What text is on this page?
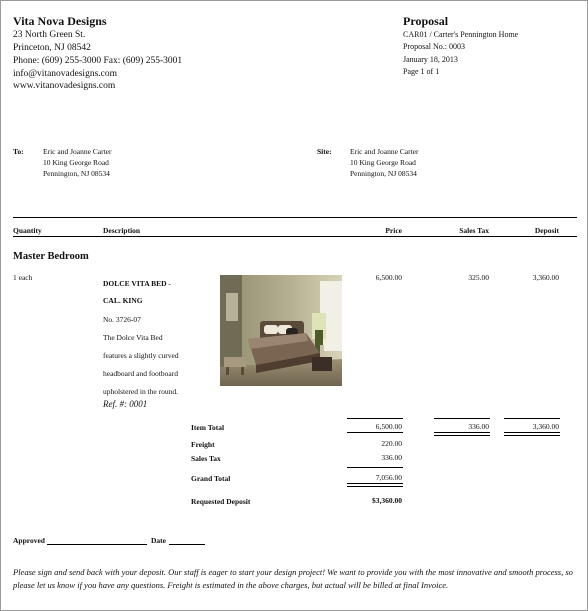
Vita Nova Designs
23 North Green St.
Princeton, NJ 08542
Phone: (609) 255-3000 Fax: (609) 255-3001
info@vitanovadesigns.com
www.vitanovadesigns.com
Proposal
CAR01 / Carter's Pennington Home
Proposal No.: 0003
January 18, 2013
Page 1 of 1
To:	Eric and Joanne Carter
10 King George Road
Pennington, NJ 08534
Site: Eric and Joanne Carter
10 King George Road
Pennington, NJ 08534
Quantity	Description	Price	Sales Tax	Deposit
Master Bedroom
1 each
DOLCE VITA BED -
CAL. KING
No. 3726-07
The Dolce Vita Bed
features a slightly curved
headboard and footboard
upholstered in the round.
Ref. #: 0001
6,500.00	325.00	3,360.00
Item Total	6,500.00	336.00	3,360.00
Freight	220.00
Sales Tax	336.00
Grand Total	7,056.00
Requested Deposit	$3,360.00
Approved	Date
Please sign and send back with your deposit. Our staff is eager to start your design project! We want to provide you with the most innovative and smooth process, so please let us know if you have any questions. Freight is estimated in the above charges, but actual will be billed at final Invoice.
